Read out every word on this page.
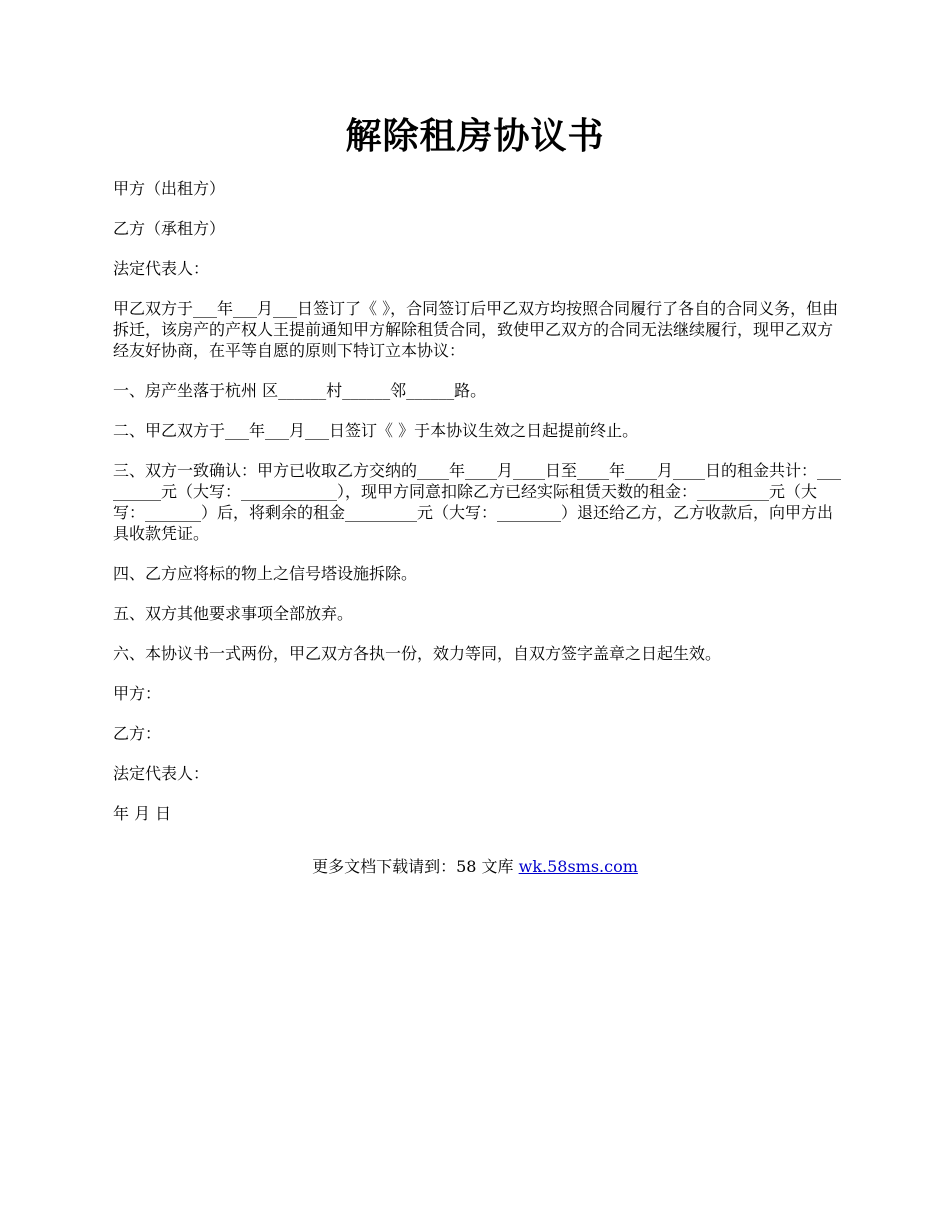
解除租房协议书

甲方（出租方）

乙方（承租方）

法定代表人：

甲乙双方于___年___月___日签订了《 》，合同签订后甲乙双方均按照合同履行了各自的合同义务，但由拆迁，该房产的产权人王提前通知甲方解除租赁合同，致使甲乙双方的合同无法继续履行，现甲乙双方经友好协商，在平等自愿的原则下特订立本协议：

一、房产坐落于杭州 区______村______邻______路。

二、甲乙双方于___年___月___日签订《 》于本协议生效之日起提前终止。

三、双方一致确认：甲方已收取乙方交纳的____年____月____日至____年____月____日的租金共计：_________元（大写：____________），现甲方同意扣除乙方已经实际租赁天数的租金：_________元（大写：_______）后，将剩余的租金_________元（大写：________）退还给乙方，乙方收款后，向甲方出具收款凭证。

四、乙方应将标的物上之信号塔设施拆除。

五、双方其他要求事项全部放弃。

六、本协议书一式两份，甲乙双方各执一份，效力等同，自双方签字盖章之日起生效。

甲方：

乙方：

法定代表人：

年 月 日

更多文档下载请到：58 文库 wk.58sms.com
